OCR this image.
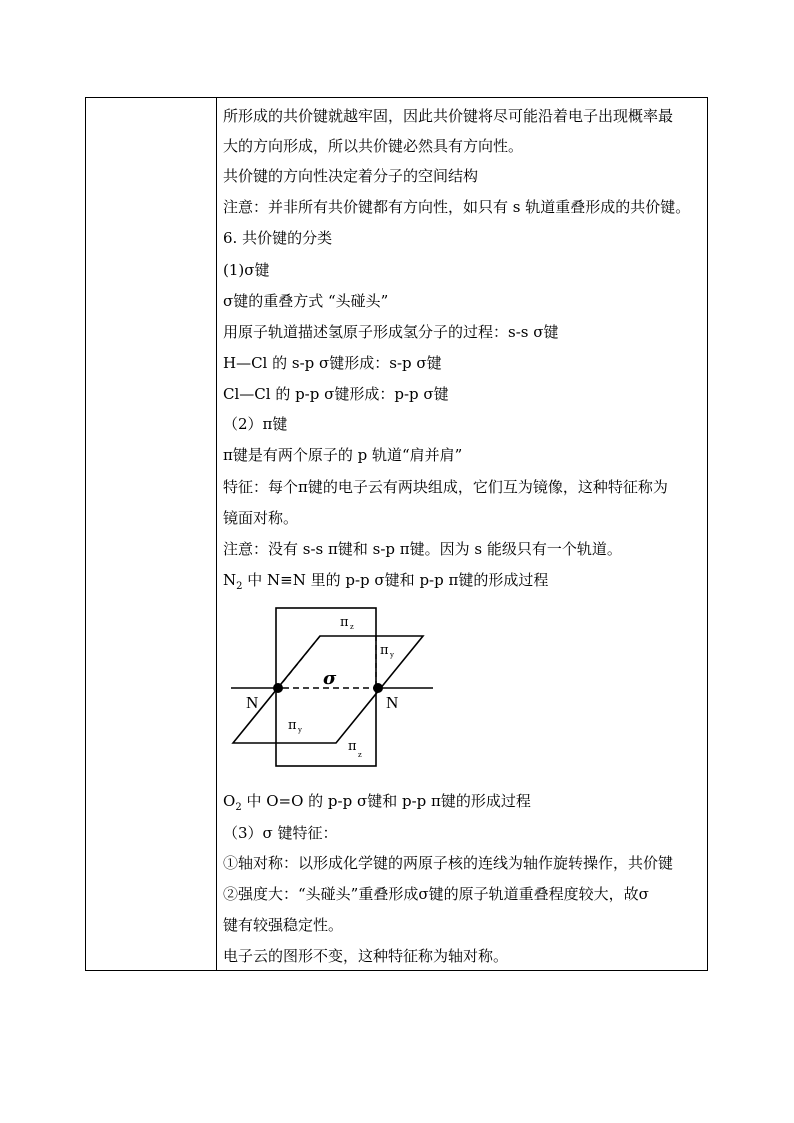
所形成的共价键就越牢固，因此共价键将尽可能沿着电子出现概率最
大的方向形成，所以共价键必然具有方向性。
共价键的方向性决定着分子的空间结构
注意：并非所有共价键都有方向性，如只有 s 轨道重叠形成的共价键。
6. 共价键的分类
(1)σ键
σ键的重叠方式 “头碰头”
用原子轨道描述氢原子形成氢分子的过程：s-s σ键
H—Cl 的 s-p σ键形成：s-p σ键
Cl—Cl 的 p-p σ键形成：p-p σ键
（2）π键
π键是有两个原子的 p 轨道“肩并肩”
特征：每个π键的电子云有两块组成，它们互为镜像，这种特征称为
镜面对称。
注意：没有 s-s π键和 s-p π键。因为 s 能级只有一个轨道。
$N_2$ 中 N≡N 里的 p-p σ键和 p-p π键的形成过程
$O_2$ 中 O=O 的 p-p σ键和 p-p π键的形成过程
（3）σ 键特征：
①轴对称：以形成化学键的两原子核的连线为轴作旋转操作，共价键
②强度大：“头碰头”重叠形成σ键的原子轨道重叠程度较大，故σ
键有较强稳定性。
电子云的图形不变，这种特征称为轴对称。
σ
N	N
π z
π y
π y
π
z
